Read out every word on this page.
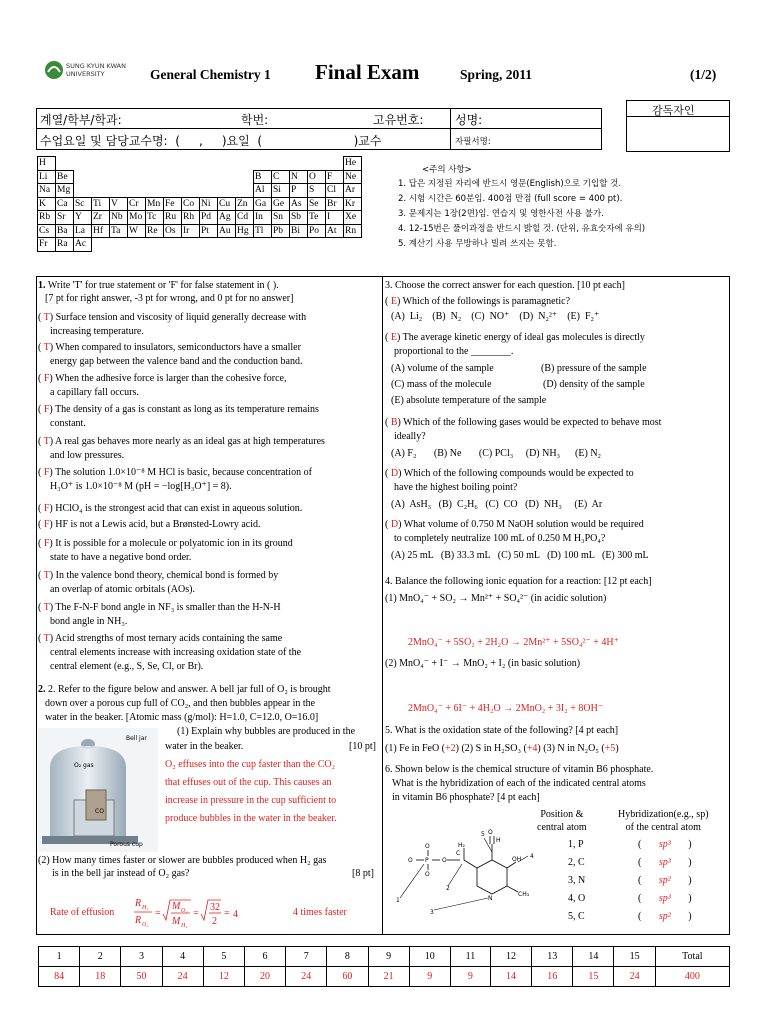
SUNG KYUN KWAN UNIVERSITY	General Chemistry 1 Final Exam	Spring, 2011	(1/2)
계열/학부/학과:	학번:	고유번호:	성명:
수업요일 및 담당교수명:  (     ,     )요일  (                        )교수	자필서명:
감독자인
H																	He
Li	Be											B	C	N	O	F	Ne
Na	Mg											Al	Si	P	S	Cl	Ar
K	Ca	Sc	Ti	V	Cr	Mn	Fe	Co	Ni	Cu	Zn	Ga	Ge	As	Se	Br	Kr
Rb	Sr	Y	Zr	Nb	Mo	Tc	Ru	Rh	Pd	Ag	Cd	In	Sn	Sb	Te	I	Xe
Cs	Ba	La	Hf	Ta	W	Re	Os	Ir	Pt	Au	Hg	Tl	Pb	Bi	Po	At	Rn
Fr	Ra	Ac															
<주의 사항>
1. 답은 지정된 자리에 반드시 영문(English)으로 기입할 것.
2. 시험 시간은 60분임. 400점 만점 (full score = 400 pt).
3. 문제지는 1장(2면)임. 연습지 및 영한사전 사용 불가.
4. 12-15번은 풀이과정을 반드시 밝힐 것. (단위, 유효숫자에 유의)
5. 계산기 사용 무방하나 빌려 쓰지는 못함.
1. Write 'T' for true statement or 'F' for false statement in ( ).
[7 pt for right answer, -3 pt for wrong, and 0 pt for no answer]
( T) Surface tension and viscosity of liquid generally decrease with
increasing temperature.
( T) When compared to insulators, semiconductors have a smaller
energy gap between the valence band and the conduction band.
( F) When the adhesive force is larger than the cohesive force,
a capillary fall occurs.
( F) The density of a gas is constant as long as its temperature remains
constant.
( T) A real gas behaves more nearly as an ideal gas at high temperatures
and low pressures.
( F) The solution 1.0×10⁻⁸ M HCl is basic, because concentration of
H₃O⁺ is 1.0×10⁻⁸ M (pH = −log[H₃O⁺] = 8).
( F) HClO₄ is the strongest acid that can exist in aqueous solution.
( F) HF is not a Lewis acid, but a Brønsted-Lowry acid.
( F) It is possible for a molecule or polyatomic ion in its ground
state to have a negative bond order.
( T) In the valence bond theory, chemical bond is formed by
an overlap of atomic orbitals (AOs).
( T) The F-N-F bond angle in NF₃ is smaller than the H-N-H
bond angle in NH₃.
( T) Acid strengths of most ternary acids containing the same
central elements increase with increasing oxidation state of the
central element (e.g., S, Se, Cl, or Br).
2. 2. Refer to the figure below and answer. A bell jar full of O₂ is brought
down over a porous cup full of CO₂, and then bubbles appear in the
water in the beaker. [Atomic mass (g/mol): H=1.0, C=12.0, O=16.0]
Bell jar
O₂ gas
CO
Porous cup
(1) Explain why bubbles are produced in the
water in the beaker.	[10 pt]
O₂ effuses into the cup faster than the CO₂
that effuses out of the cup. This causes an
increase in pressure in the cup sufficient to
produce bubbles in the water in the beaker.
(2) How many times faster or slower are bubbles produced when H₂ gas
is in the bell jar instead of O₂ gas?	[8 pt]
Rate of effusion
R H₂
R O₂
=
M O₂
M H₂
=
32
2
= 4	4 times faster
3. Choose the correct answer for each question. [10 pt each]
( E) Which of the followings is paramagnetic?
(A)  Li₂    (B)  N₂    (C)  NO⁺    (D)  N₂²⁺    (E)  F₂⁺
( E) The average kinetic energy of ideal gas molecules is directly
proportional to the ________.
( B) Which of the following gases would be expected to behave most
ideally?
(A) F₂       (B) Ne       (C) PCl₃     (D) NH₃      (E) N₂
( D) Which of the following compounds would be expected to
have the highest boiling point?
(A)  AsH₃   (B)  C₂H₆   (C)  CO   (D)  NH₃     (E)  Ar
( D) What volume of 0.750 M NaOH solution would be required
to completely neutralize 100 mL of 0.250 M H₃PO₄?
(A) 25 mL   (B) 33.3 mL   (C) 50 mL   (D) 100 mL   (E) 300 mL
(A) volume of the sample	(B) pressure of the sample
(C) mass of the molecule	(D) density of the sample
(E) absolute temperature of the sample
4. Balance the following ionic equation for a reaction: [12 pt each]
(1) MnO₄⁻ + SO₂ → Mn²⁺ + SO₄²⁻ (in acidic solution)
2MnO₄⁻ + 5SO₂ + 2H₂O → 2Mn²⁺ + 5SO₄²⁻ + 4H⁺
(2) MnO₄⁻ + I⁻ → MnO₂ + I₂ (in basic solution)
2MnO₄⁻ + 6I⁻ + 4H₂O → 2MnO₂ + 3I₂ + 8OH⁻
5. What is the oxidation state of the following? [4 pt each]
(1) Fe in FeO (+2) (2) S in H₂SO₃ (+4) (3) N in N₂O₅ (+5)
6. Shown below is the chemical structure of vitamin B6 phosphate.
What is the hybridization of each of the indicated central atoms
in vitamin B6 phosphate? [4 pt each]
Position &
central atom
Hybridization(e.g., sp)
of the central atom
1, P	(       sp³       )
2, C	(       sp³       )
3, N	(       sp²       )
4, O	(       sp³       )
5, C	(       sp²       )
O
H
H₂
C
O
P
O
O
O	OH
N
CH₃
1
2
3
4
5
1	2	3	4	5	6	7	8	9	10	11	12	13	14	15	Total
84	18	50	24	12	20	24	60	21	9	9	14	16	15	24	400
